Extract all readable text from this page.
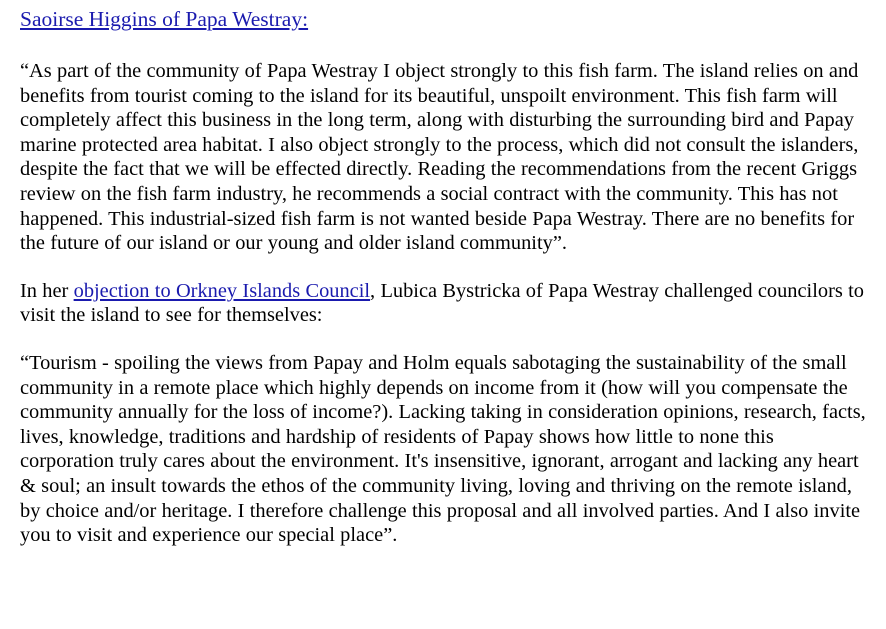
Saoirse Higgins of Papa Westray:

“As part of the community of Papa Westray I object strongly to this fish farm. The island relies on and benefits from tourist coming to the island for its beautiful, unspoilt environment. This fish farm will completely affect this business in the long term, along with disturbing the surrounding bird and Papay marine protected area habitat. I also object strongly to the process, which did not consult the islanders, despite the fact that we will be effected directly. Reading the recommendations from the recent Griggs review on the fish farm industry, he recommends a social contract with the community. This has not happened. This industrial-sized fish farm is not wanted beside Papa Westray. There are no benefits for the future of our island or our young and older island community”.

In her objection to Orkney Islands Council, Lubica Bystricka of Papa Westray challenged councilors to visit the island to see for themselves:

“Tourism - spoiling the views from Papay and Holm equals sabotaging the sustainability of the small community in a remote place which highly depends on income from it (how will you compensate the community annually for the loss of income?). Lacking taking in consideration opinions, research, facts, lives, knowledge, traditions and hardship of residents of Papay shows how little to none this corporation truly cares about the environment. It's insensitive, ignorant, arrogant and lacking any heart & soul; an insult towards the ethos of the community living, loving and thriving on the remote island, by choice and/or heritage. I therefore challenge this proposal and all involved parties. And I also invite you to visit and experience our special place”.
